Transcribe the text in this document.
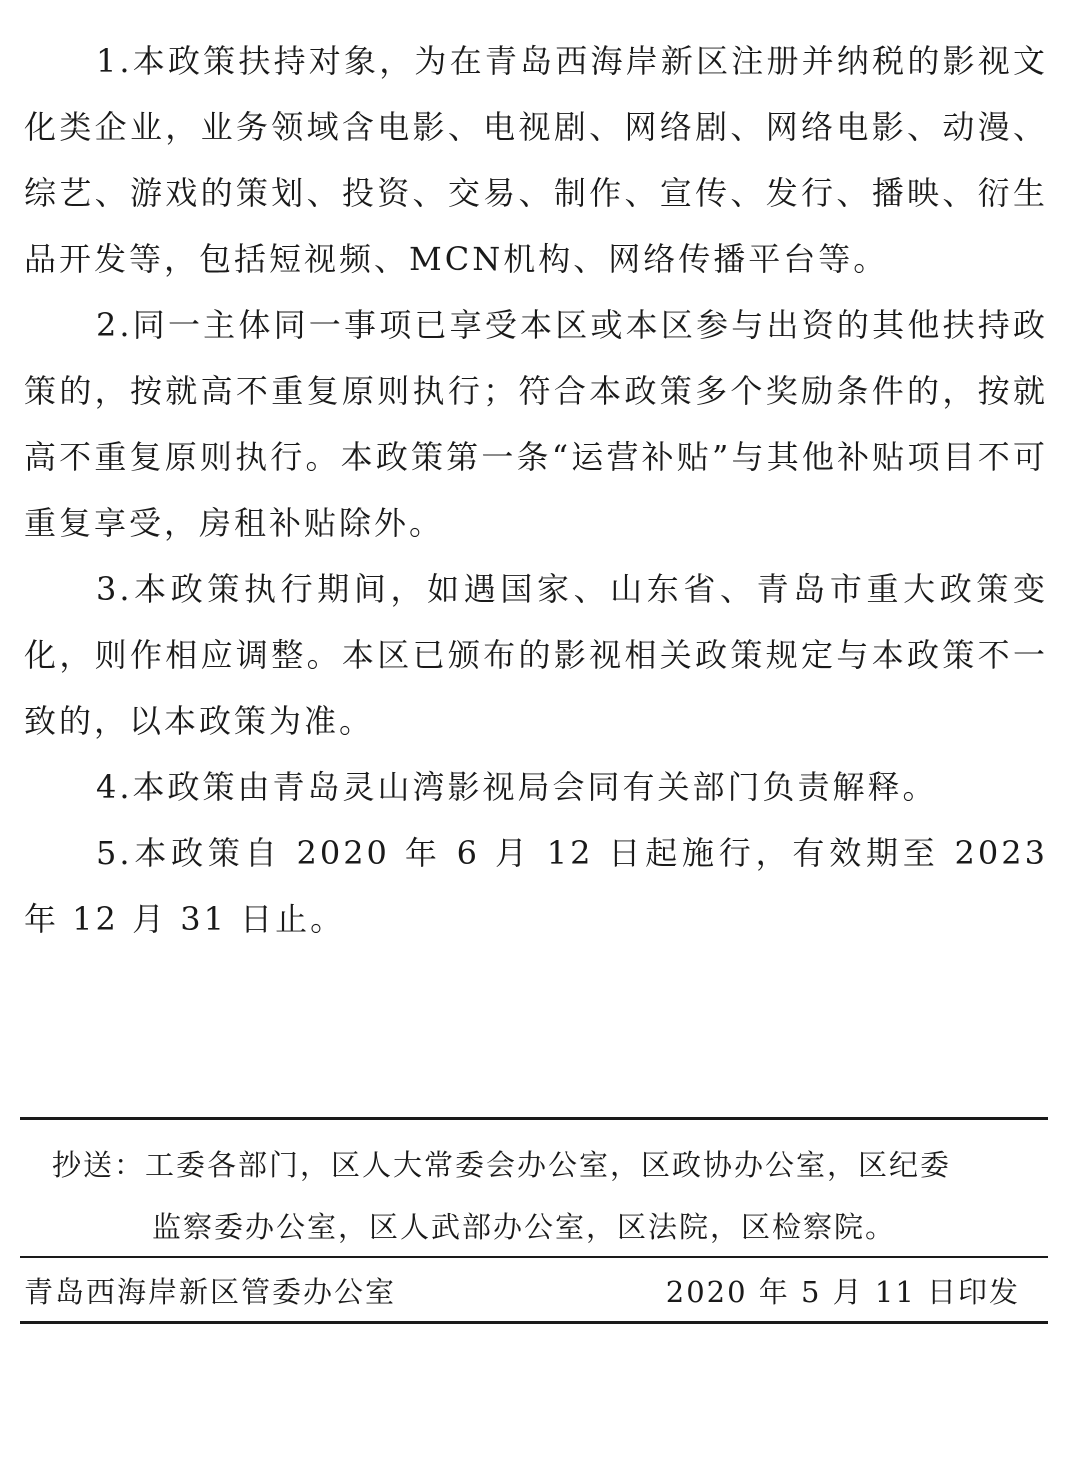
1.本政策扶持对象，为在青岛西海岸新区注册并纳税的影视文化类企业，业务领域含电影、电视剧、网络剧、网络电影、动漫、综艺、游戏的策划、投资、交易、制作、宣传、发行、播映、衍生品开发等，包括短视频、MCN机构、网络传播平台等。

2.同一主体同一事项已享受本区或本区参与出资的其他扶持政策的，按就高不重复原则执行；符合本政策多个奖励条件的，按就高不重复原则执行。本政策第一条“运营补贴”与其他补贴项目不可重复享受，房租补贴除外。

3.本政策执行期间，如遇国家、山东省、青岛市重大政策变化，则作相应调整。本区已颁布的影视相关政策规定与本政策不一致的，以本政策为准。

4.本政策由青岛灵山湾影视局会同有关部门负责解释。

5.本政策自 2020 年 6 月 12 日起施行，有效期至 2023 年 12 月 31 日止。

抄送： 工委各部门，区人大常委会办公室，区政协办公室，区纪委
监察委办公室，区人武部办公室，区法院，区检察院。
青岛西海岸新区管委办公室	2020 年 5 月 11 日印发
